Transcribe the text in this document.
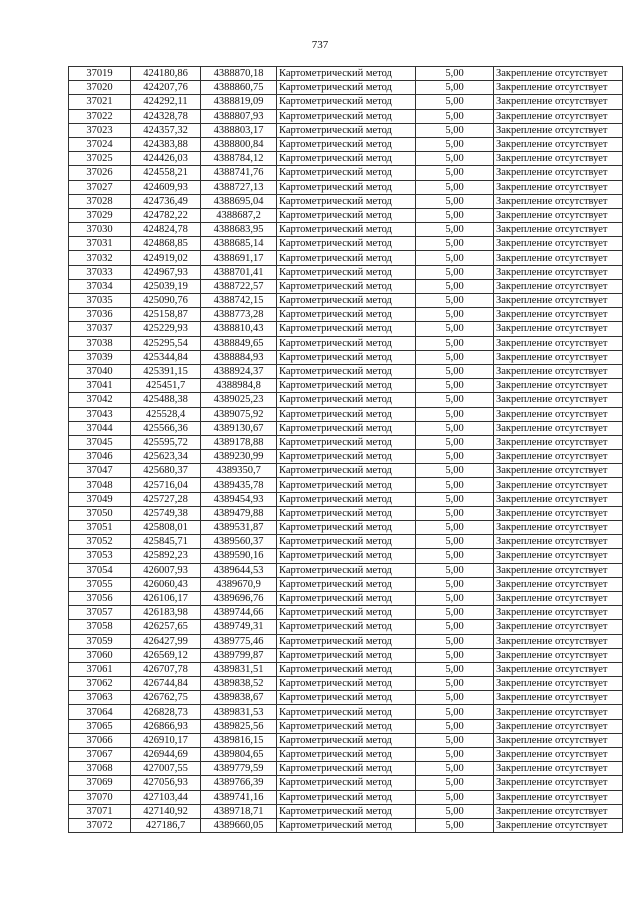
737
37019	424180,86	4388870,18	Картометрический метод	5,00	Закрепление отсутствует
37020	424207,76	4388860,75	Картометрический метод	5,00	Закрепление отсутствует
37021	424292,11	4388819,09	Картометрический метод	5,00	Закрепление отсутствует
37022	424328,78	4388807,93	Картометрический метод	5,00	Закрепление отсутствует
37023	424357,32	4388803,17	Картометрический метод	5,00	Закрепление отсутствует
37024	424383,88	4388800,84	Картометрический метод	5,00	Закрепление отсутствует
37025	424426,03	4388784,12	Картометрический метод	5,00	Закрепление отсутствует
37026	424558,21	4388741,76	Картометрический метод	5,00	Закрепление отсутствует
37027	424609,93	4388727,13	Картометрический метод	5,00	Закрепление отсутствует
37028	424736,49	4388695,04	Картометрический метод	5,00	Закрепление отсутствует
37029	424782,22	4388687,2	Картометрический метод	5,00	Закрепление отсутствует
37030	424824,78	4388683,95	Картометрический метод	5,00	Закрепление отсутствует
37031	424868,85	4388685,14	Картометрический метод	5,00	Закрепление отсутствует
37032	424919,02	4388691,17	Картометрический метод	5,00	Закрепление отсутствует
37033	424967,93	4388701,41	Картометрический метод	5,00	Закрепление отсутствует
37034	425039,19	4388722,57	Картометрический метод	5,00	Закрепление отсутствует
37035	425090,76	4388742,15	Картометрический метод	5,00	Закрепление отсутствует
37036	425158,87	4388773,28	Картометрический метод	5,00	Закрепление отсутствует
37037	425229,93	4388810,43	Картометрический метод	5,00	Закрепление отсутствует
37038	425295,54	4388849,65	Картометрический метод	5,00	Закрепление отсутствует
37039	425344,84	4388884,93	Картометрический метод	5,00	Закрепление отсутствует
37040	425391,15	4388924,37	Картометрический метод	5,00	Закрепление отсутствует
37041	425451,7	4388984,8	Картометрический метод	5,00	Закрепление отсутствует
37042	425488,38	4389025,23	Картометрический метод	5,00	Закрепление отсутствует
37043	425528,4	4389075,92	Картометрический метод	5,00	Закрепление отсутствует
37044	425566,36	4389130,67	Картометрический метод	5,00	Закрепление отсутствует
37045	425595,72	4389178,88	Картометрический метод	5,00	Закрепление отсутствует
37046	425623,34	4389230,99	Картометрический метод	5,00	Закрепление отсутствует
37047	425680,37	4389350,7	Картометрический метод	5,00	Закрепление отсутствует
37048	425716,04	4389435,78	Картометрический метод	5,00	Закрепление отсутствует
37049	425727,28	4389454,93	Картометрический метод	5,00	Закрепление отсутствует
37050	425749,38	4389479,88	Картометрический метод	5,00	Закрепление отсутствует
37051	425808,01	4389531,87	Картометрический метод	5,00	Закрепление отсутствует
37052	425845,71	4389560,37	Картометрический метод	5,00	Закрепление отсутствует
37053	425892,23	4389590,16	Картометрический метод	5,00	Закрепление отсутствует
37054	426007,93	4389644,53	Картометрический метод	5,00	Закрепление отсутствует
37055	426060,43	4389670,9	Картометрический метод	5,00	Закрепление отсутствует
37056	426106,17	4389696,76	Картометрический метод	5,00	Закрепление отсутствует
37057	426183,98	4389744,66	Картометрический метод	5,00	Закрепление отсутствует
37058	426257,65	4389749,31	Картометрический метод	5,00	Закрепление отсутствует
37059	426427,99	4389775,46	Картометрический метод	5,00	Закрепление отсутствует
37060	426569,12	4389799,87	Картометрический метод	5,00	Закрепление отсутствует
37061	426707,78	4389831,51	Картометрический метод	5,00	Закрепление отсутствует
37062	426744,84	4389838,52	Картометрический метод	5,00	Закрепление отсутствует
37063	426762,75	4389838,67	Картометрический метод	5,00	Закрепление отсутствует
37064	426828,73	4389831,53	Картометрический метод	5,00	Закрепление отсутствует
37065	426866,93	4389825,56	Картометрический метод	5,00	Закрепление отсутствует
37066	426910,17	4389816,15	Картометрический метод	5,00	Закрепление отсутствует
37067	426944,69	4389804,65	Картометрический метод	5,00	Закрепление отсутствует
37068	427007,55	4389779,59	Картометрический метод	5,00	Закрепление отсутствует
37069	427056,93	4389766,39	Картометрический метод	5,00	Закрепление отсутствует
37070	427103,44	4389741,16	Картометрический метод	5,00	Закрепление отсутствует
37071	427140,92	4389718,71	Картометрический метод	5,00	Закрепление отсутствует
37072	427186,7	4389660,05	Картометрический метод	5,00	Закрепление отсутствует
